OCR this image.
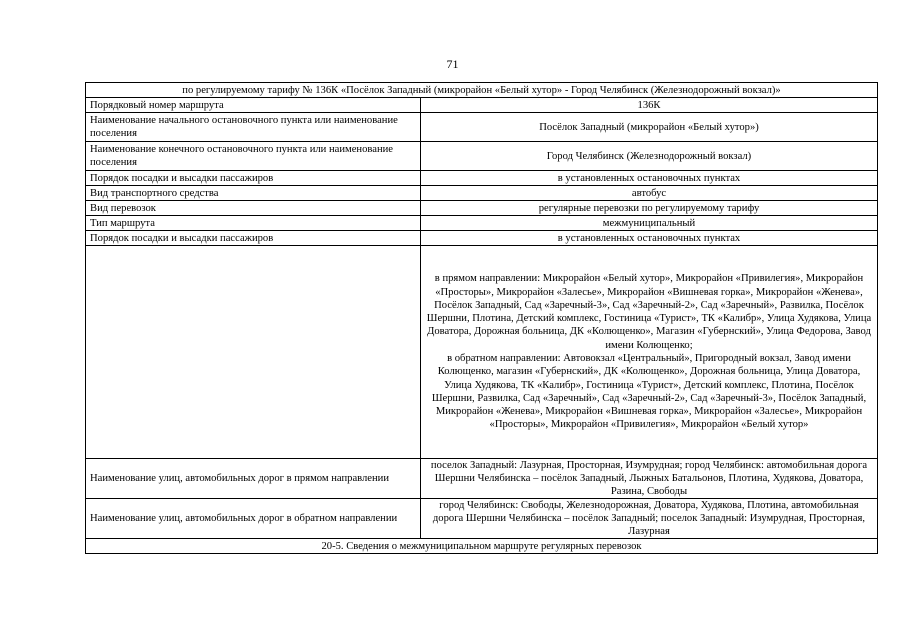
71
по регулируемому тарифу № 136К «Посёлок Западный (микрорайон «Белый хутор» - Город Челябинск (Железнодорожный вокзал)»	
Порядковый номер маршрута	136К
Наименование начального остановочного пункта или наименование поселения	Посёлок Западный (микрорайон «Белый хутор»)
Наименование конечного остановочного пункта или наименование поселения	Город Челябинск (Железнодорожный вокзал)
Порядок посадки и высадки пассажиров	в установленных остановочных пунктах
Вид транспортного средства	автобус
Вид перевозок	регулярные перевозки по регулируемому тарифу
Тип маршрута	межмуниципальный
Порядок посадки и высадки пассажиров	в установленных остановочных пунктах

	в прямом направлении: Микрорайон «Белый хутор», Микрорайон «Привилегия», Микрорайон «Просторы», Микрорайон «Залесье», Микрорайон «Вишневая горка», Микрорайон «Женева», Посёлок Западный, Сад «Заречный-3», Сад «Заречный-2», Сад «Заречный», Развилка, Посёлок Шершни, Плотина, Детский комплекс, Гостиница «Турист», ТК «Калибр», Улица Худякова, Улица Доватора, Дорожная больница, ДК «Колющенко», Магазин «Губернский», Улица Федорова, Завод имени Колющенко;
в обратном направлении: Автовокзал «Центральный», Пригородный вокзал, Завод имени Колющенко, магазин «Губернский», ДК «Колющенко», Дорожная больница, Улица Доватора, Улица Худякова, ТК «Калибр», Гостиница «Турист», Детский комплекс, Плотина, Посёлок Шершни, Развилка, Сад «Заречный», Сад «Заречный-2», Сад «Заречный-3», Посёлок Западный, Микрорайон «Женева», Микрорайон «Вишневая горка», Микрорайон «Залесье», Микрорайон «Просторы», Микрорайон «Привилегия», Микрорайон «Белый хутор»

Наименование улиц, автомобильных дорог в прямом направлении	поселок Западный: Лазурная, Просторная, Изумрудная; город Челябинск: автомобильная дорога Шершни Челябинска – посёлок Западный, Лыжных Батальонов, Плотина, Худякова, Доватора, Разина, Свободы
Наименование улиц, автомобильных дорог в обратном направлении	город Челябинск: Свободы, Железнодорожная, Доватора, Худякова, Плотина, автомобильная дорога Шершни Челябинска – посёлок Западный; поселок Западный: Изумрудная, Просторная, Лазурная
20-5. Сведения о межмуниципальном маршруте регулярных перевозок	
